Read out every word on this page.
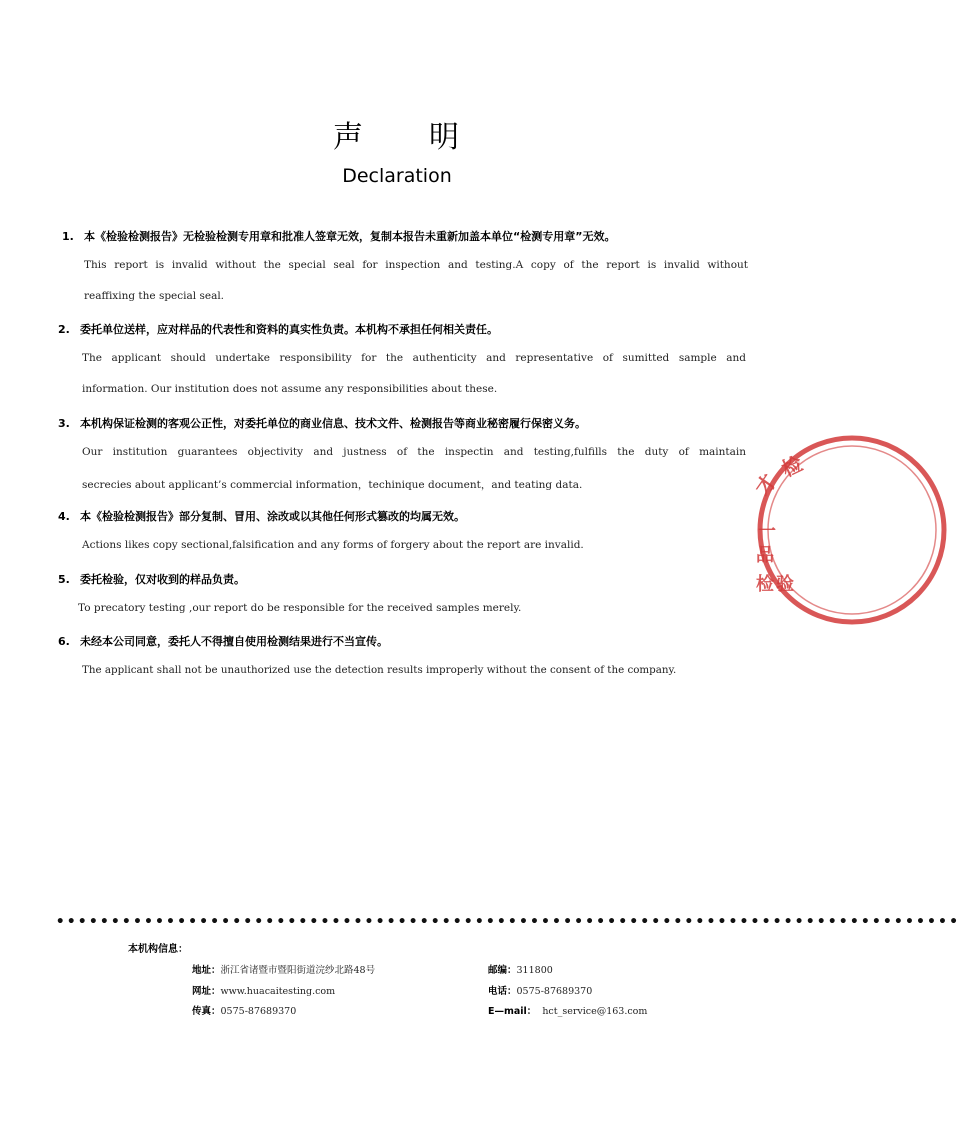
声　　明
Declaration
1. 本《检验检测报告》无检验检测专用章和批准人签章无效，复制本报告未重新加盖本单位“检测专用章”无效。
This report is invalid without the special seal for inspection and testing.A copy of the report is invalid without
reaffixing the special seal.
2. 委托单位送样，应对样品的代表性和资料的真实性负责。本机构不承担任何相关责任。
The applicant should undertake responsibility for the authenticity and representative of sumitted sample and
information. Our institution does not assume any responsibilities about these.
3. 本机构保证检测的客观公正性，对委托单位的商业信息、技术文件、检测报告等商业秘密履行保密义务。
Our institution guarantees objectivity and justness of the inspectin and testing,fulfills the duty of maintain
secrecies about applicant’s commercial information，techinique document，and teating data.
4. 本《检验检测报告》部分复制、冒用、涂改或以其他任何形式篡改的均属无效。
Actions likes copy sectional,falsification and any forms of forgery about the report are invalid.
5. 委托检验，仅对收到的样品负责。
To precatory testing ,our report do be responsible for the received samples merely.
6. 未经本公司同意，委托人不得擅自使用检测结果进行不当宣传。
The applicant shall not be unauthorized use the detection results improperly without the consent of the company.
••••••••••••••••••••••••••••••••••••••••••••••••••••••••••••••••••••••••••••••••••
本机构信息：
地址：浙江省诸暨市暨阳街道浣纱北路48号	邮编：311800
网址：www.huacaitesting.com	电话：0575-87689370
传真：0575-87689370	E—mail： hct_service@163.com
才
检
一
品
检 验
